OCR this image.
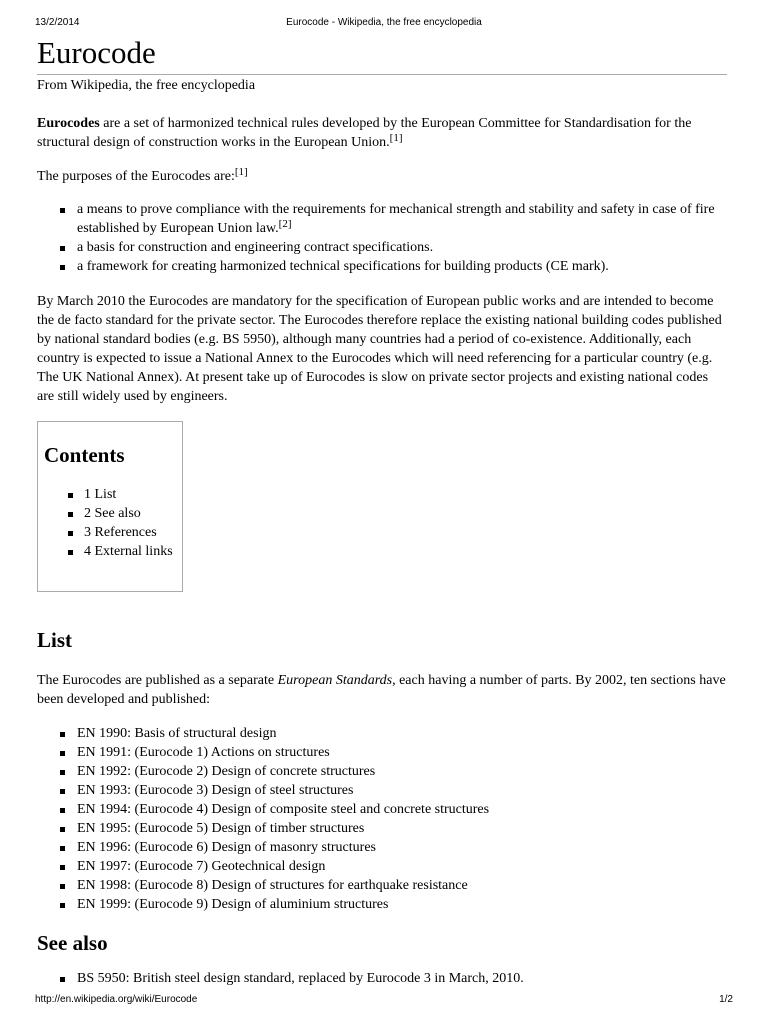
13/2/2014	Eurocode - Wikipedia, the free encyclopedia
Eurocode
From Wikipedia, the free encyclopedia

Eurocodes are a set of harmonized technical rules developed by the European Committee for Standardisation for the structural design of construction works in the European Union.[1]

The purposes of the Eurocodes are:[1]

a means to prove compliance with the requirements for mechanical strength and stability and safety in case of fire established by European Union law.[2]
a basis for construction and engineering contract specifications.
a framework for creating harmonized technical specifications for building products (CE mark).

By March 2010 the Eurocodes are mandatory for the specification of European public works and are intended to become the de facto standard for the private sector. The Eurocodes therefore replace the existing national building codes published by national standard bodies (e.g. BS 5950), although many countries had a period of co-existence. Additionally, each country is expected to issue a National Annex to the Eurocodes which will need referencing for a particular country (e.g. The UK National Annex). At present take up of Eurocodes is slow on private sector projects and existing national codes are still widely used by engineers.

Contents
1 List
2 See also
3 References
4 External links
List

The Eurocodes are published as a separate European Standards, each having a number of parts. By 2002, ten sections have been developed and published:

EN 1990: Basis of structural design
EN 1991: (Eurocode 1) Actions on structures
EN 1992: (Eurocode 2) Design of concrete structures
EN 1993: (Eurocode 3) Design of steel structures
EN 1994: (Eurocode 4) Design of composite steel and concrete structures
EN 1995: (Eurocode 5) Design of timber structures
EN 1996: (Eurocode 6) Design of masonry structures
EN 1997: (Eurocode 7) Geotechnical design
EN 1998: (Eurocode 8) Design of structures for earthquake resistance
EN 1999: (Eurocode 9) Design of aluminium structures
See also
BS 5950: British steel design standard, replaced by Eurocode 3 in March, 2010.
http://en.wikipedia.org/wiki/Eurocode	1/2
